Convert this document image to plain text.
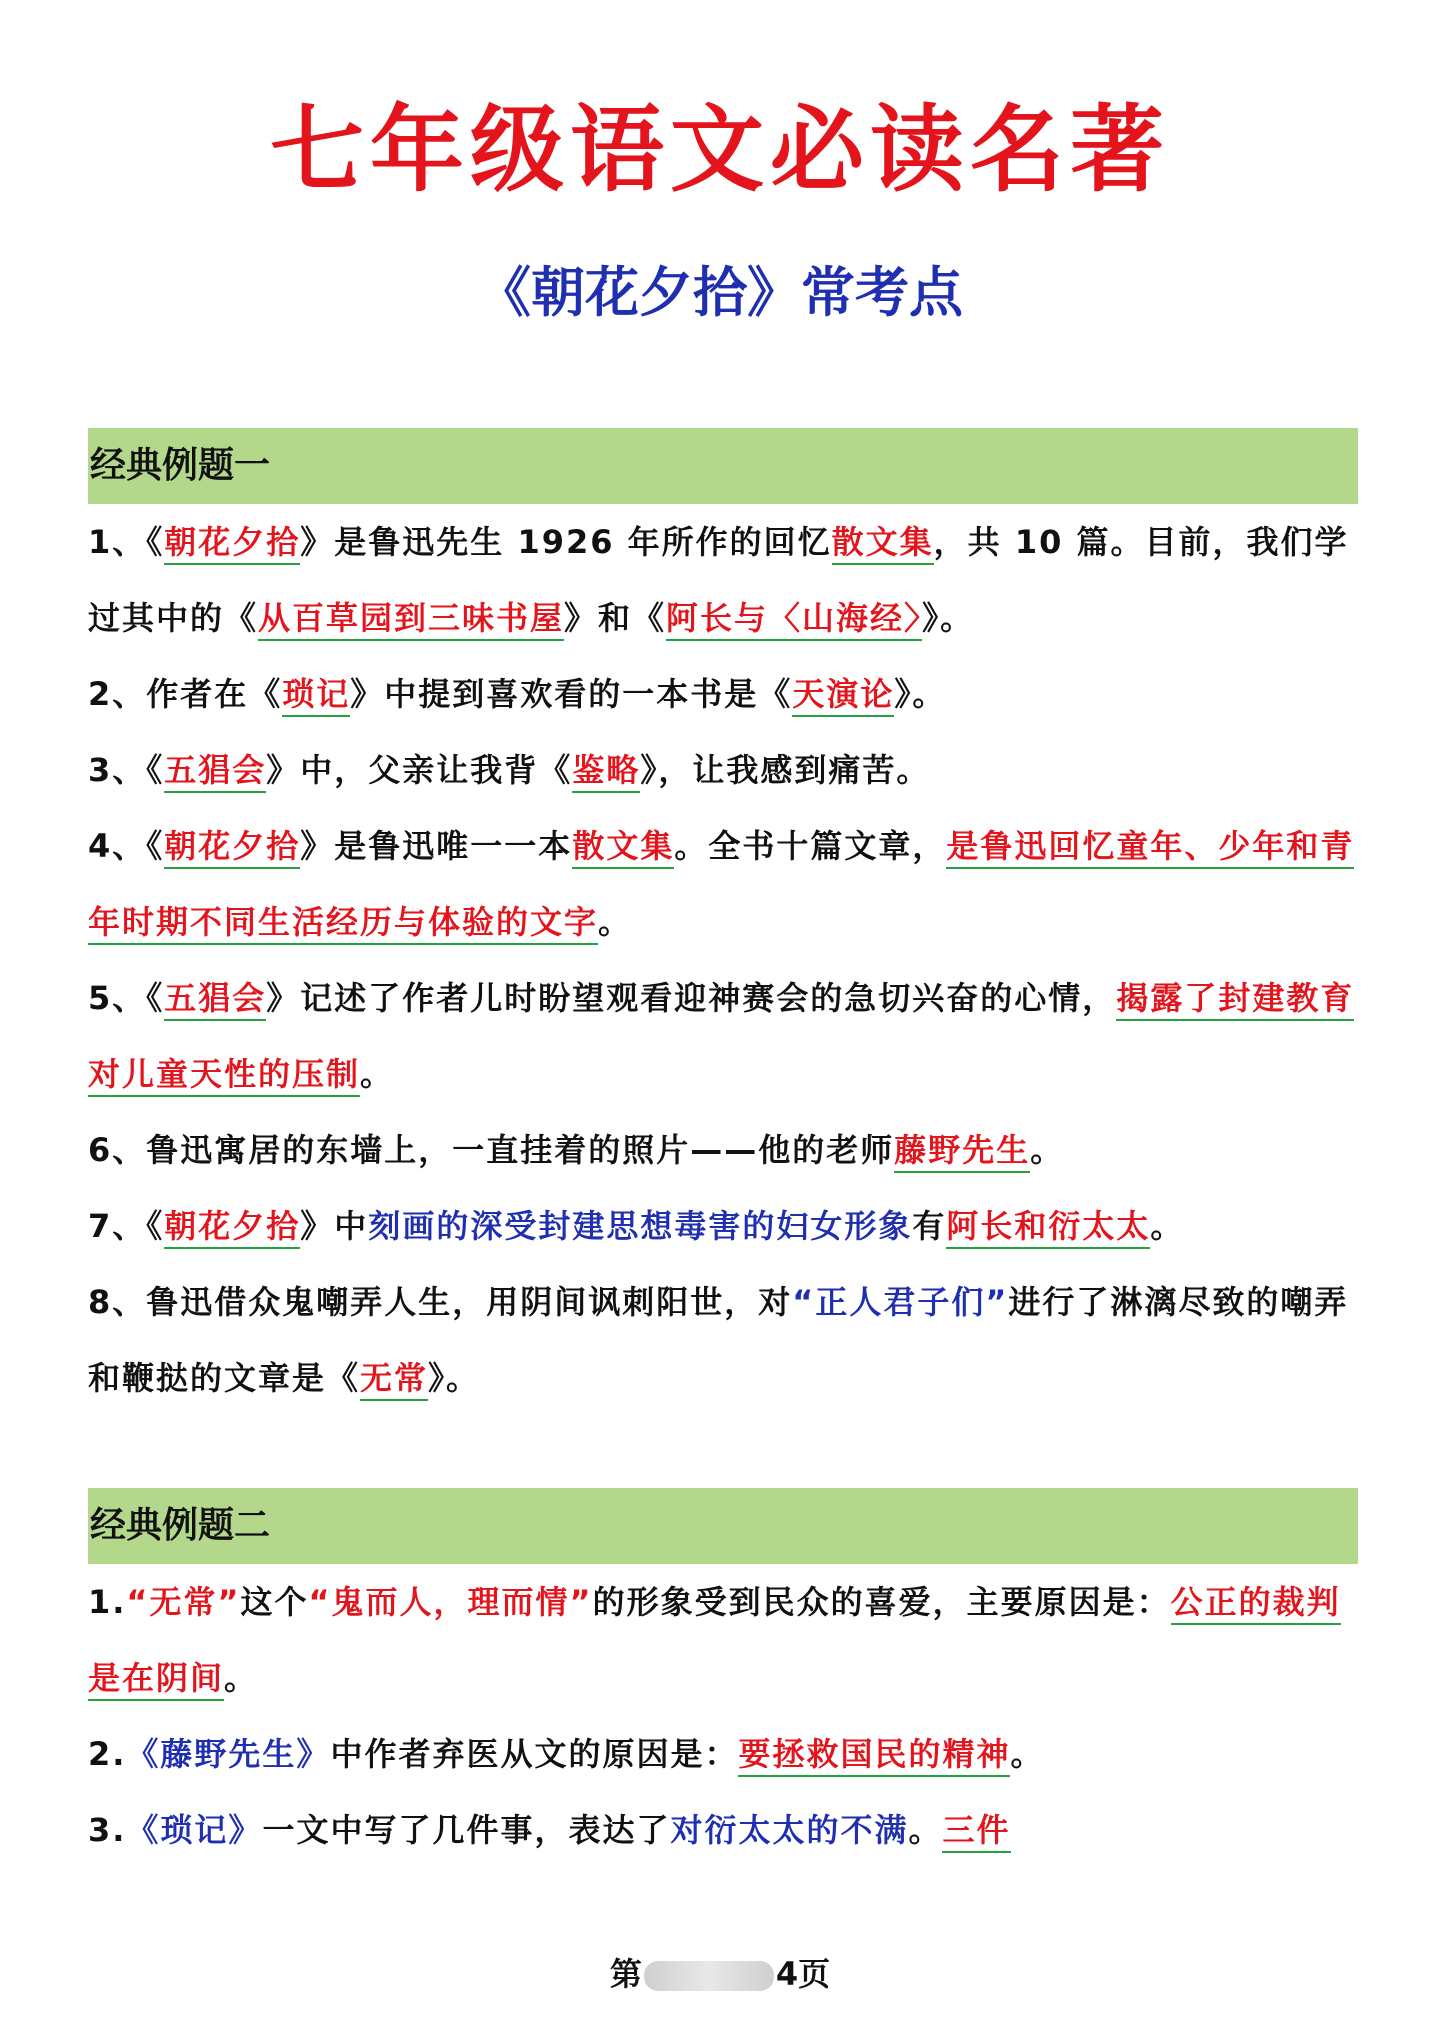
七年级语文必读名著
《朝花夕拾》常考点
经典例题一

1、《朝花夕拾》是鲁迅先生 1926 年所作的回忆散文集，共 10 篇。目前，我们学过其中的《从百草园到三味书屋》和《阿长与〈山海经〉》。

2、作者在《琐记》中提到喜欢看的一本书是《天演论》。

3、《五猖会》中，父亲让我背《鉴略》，让我感到痛苦。

4、《朝花夕拾》是鲁迅唯一一本散文集。全书十篇文章，是鲁迅回忆童年、少年和青年时期不同生活经历与体验的文字。

5、《五猖会》记述了作者儿时盼望观看迎神赛会的急切兴奋的心情，揭露了封建教育对儿童天性的压制。

6、鲁迅寓居的东墙上，一直挂着的照片——他的老师藤野先生。

7、《朝花夕拾》中刻画的深受封建思想毒害的妇女形象有阿长和衍太太。

8、鲁迅借众鬼嘲弄人生，用阴间讽刺阳世，对“正人君子们”进行了淋漓尽致的嘲弄和鞭挞的文章是《无常》。

经典例题二

1.“无常”这个“鬼而人，理而情”的形象受到民众的喜爱，主要原因是：公正的裁判是在阴间。

2.《藤野先生》中作者弃医从文的原因是：要拯救国民的精神。

3.《琐记》一文中写了几件事，表达了对衍太太的不满。三件

第	4页
